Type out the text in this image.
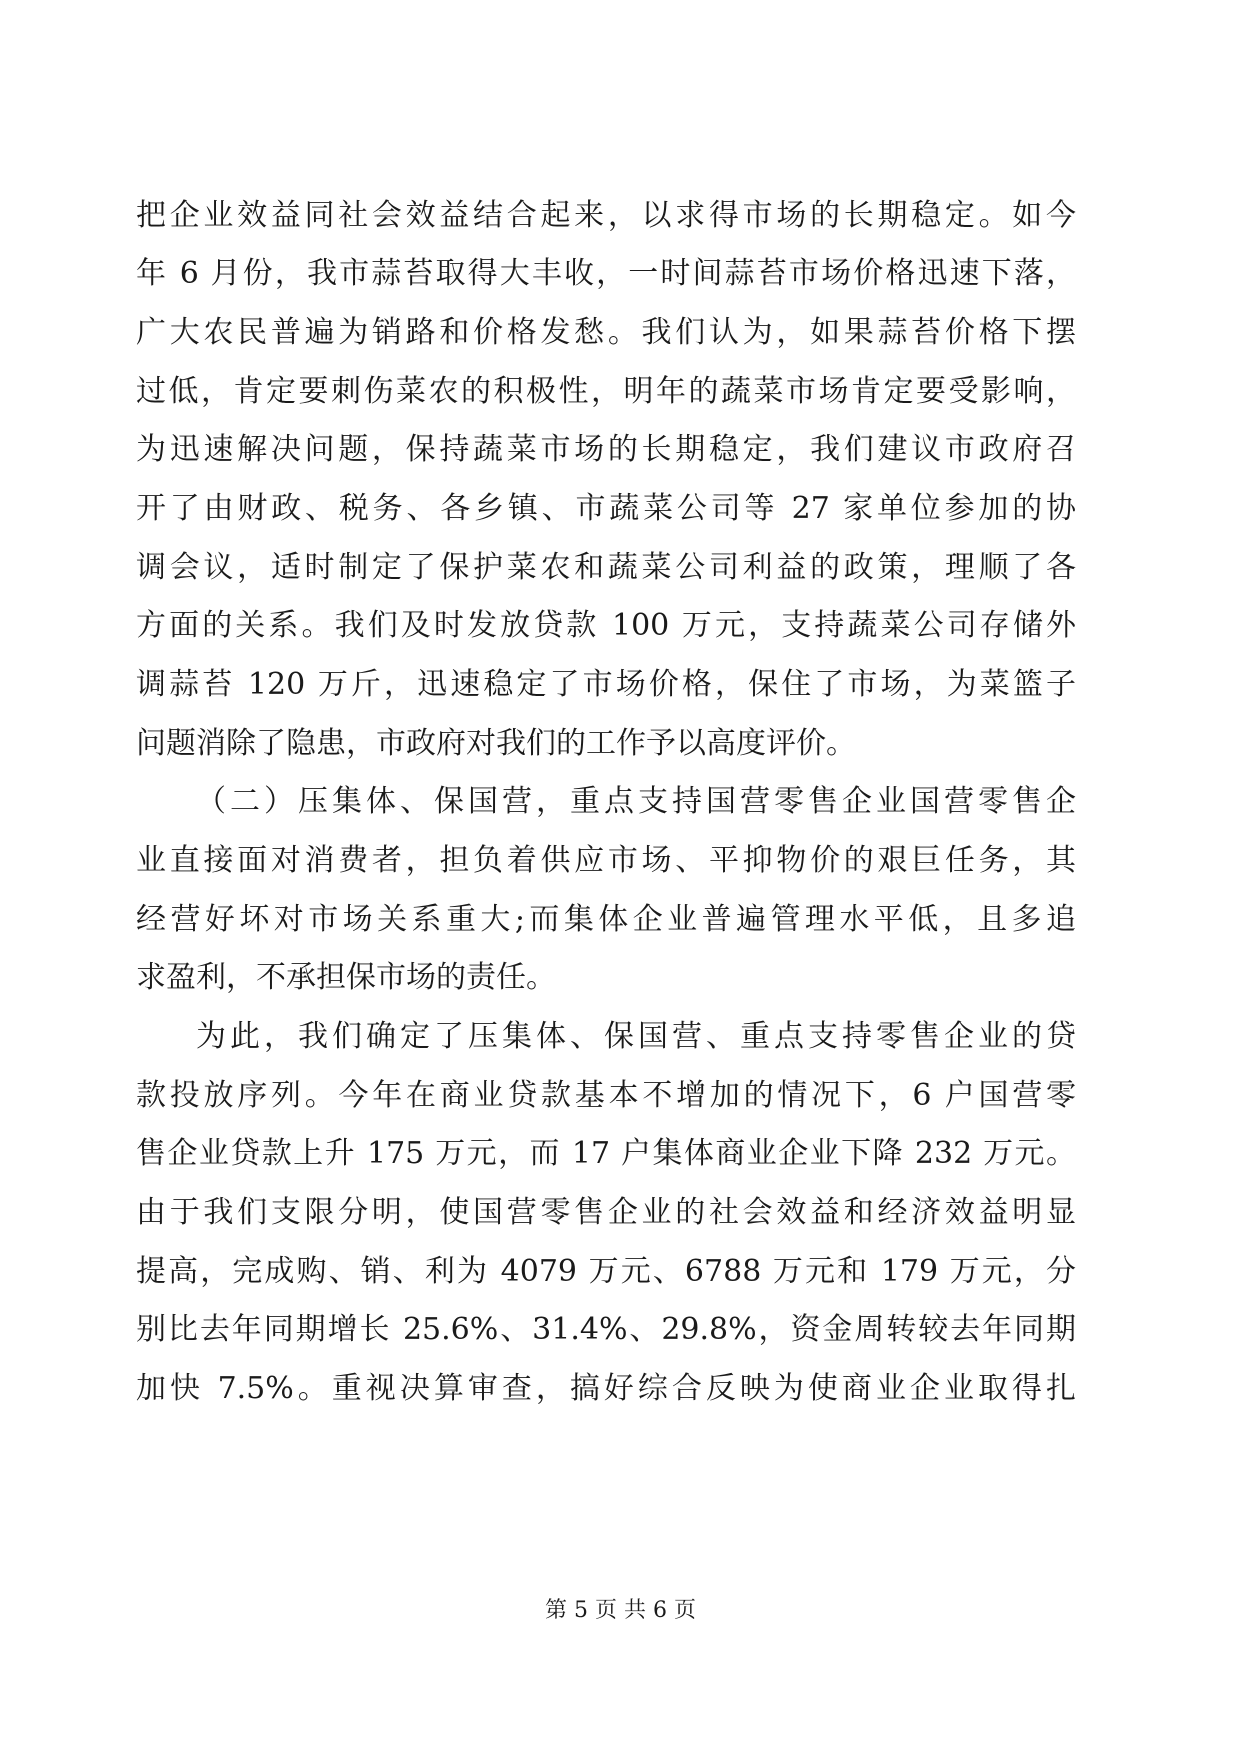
把企业效益同社会效益结合起来，以求得市场的长期稳定。如今
年 6 月份，我市蒜苔取得大丰收，一时间蒜苔市场价格迅速下落，
广大农民普遍为销路和价格发愁。我们认为，如果蒜苔价格下摆
过低，肯定要刺伤菜农的积极性，明年的蔬菜市场肯定要受影响，
为迅速解决问题，保持蔬菜市场的长期稳定，我们建议市政府召
开了由财政、税务、各乡镇、市蔬菜公司等 27 家单位参加的协
调会议，适时制定了保护菜农和蔬菜公司利益的政策，理顺了各
方面的关系。我们及时发放贷款 100 万元，支持蔬菜公司存储外
调蒜苔 120 万斤，迅速稳定了市场价格，保住了市场，为菜篮子
问题消除了隐患，市政府对我们的工作予以高度评价。
（二）压集体、保国营，重点支持国营零售企业国营零售企
业直接面对消费者，担负着供应市场、平抑物价的艰巨任务，其
经营好坏对市场关系重大;而集体企业普遍管理水平低，且多追
求盈利，不承担保市场的责任。
为此，我们确定了压集体、保国营、重点支持零售企业的贷
款投放序列。今年在商业贷款基本不增加的情况下，6 户国营零
售企业贷款上升 175 万元，而 17 户集体商业企业下降 232 万元。
由于我们支限分明，使国营零售企业的社会效益和经济效益明显
提高，完成购、销、利为 4079 万元、6788 万元和 179 万元，分
别比去年同期增长 25.6%、31.4%、29.8%，资金周转较去年同期
加快 7.5%。重视决算审查，搞好综合反映为使商业企业取得扎
第 5 页 共 6 页
